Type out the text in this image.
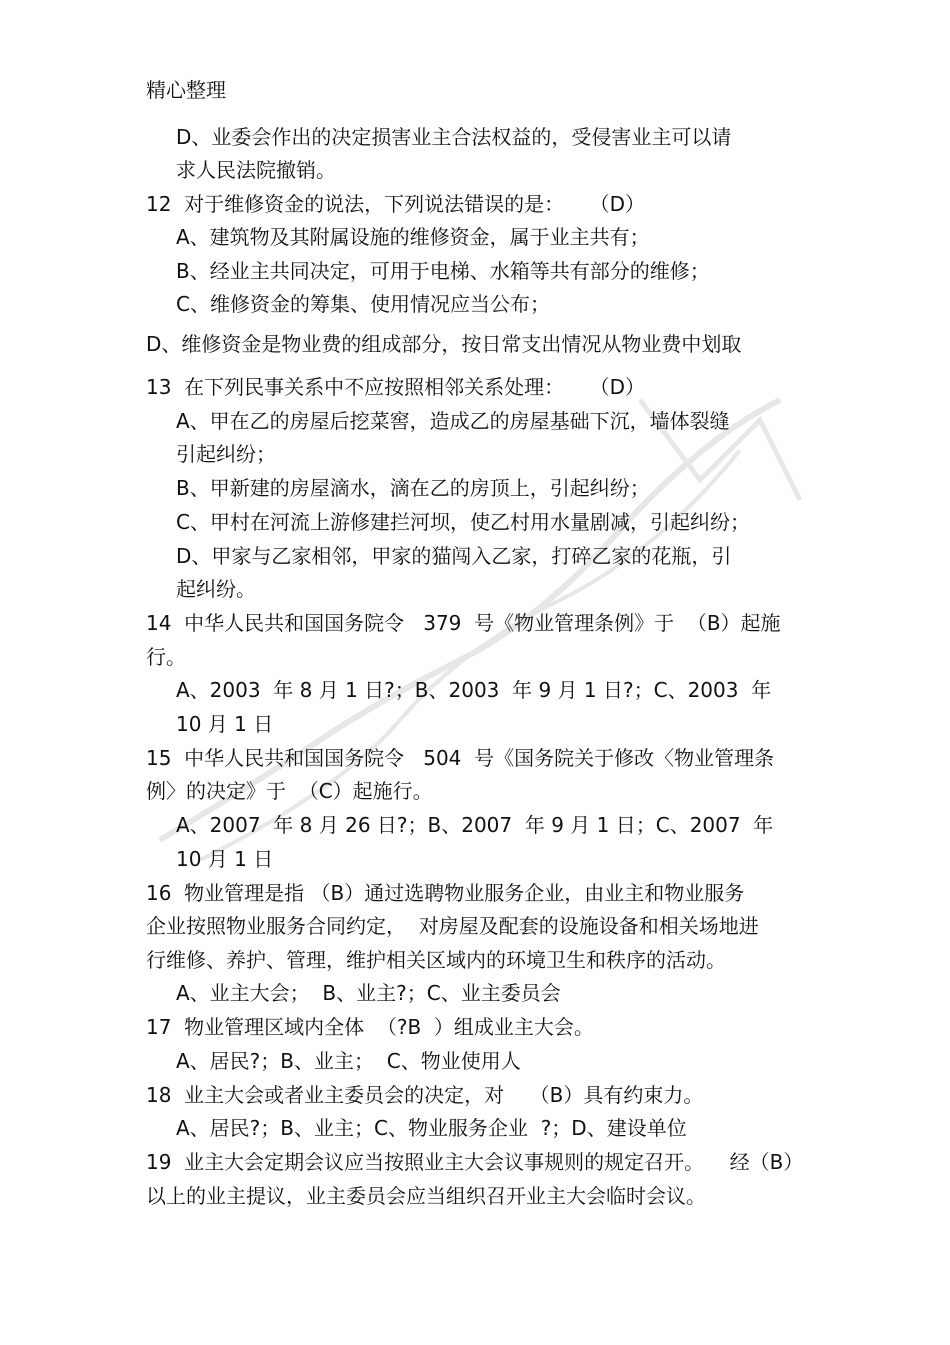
精心整理
D、业委会作出的决定损害业主合法权益的，受侵害业主可以请
求人民法院撤销。
12  对于维修资金的说法，下列说法错误的是：    （D）
A、建筑物及其附属设施的维修资金，属于业主共有；
B、经业主共同决定，可用于电梯、水箱等共有部分的维修；
C、维修资金的筹集、使用情况应当公布；
D、维修资金是物业费的组成部分，按日常支出情况从物业费中划取
13  在下列民事关系中不应按照相邻关系处理：    （D）
A、甲在乙的房屋后挖菜窖，造成乙的房屋基础下沉，墙体裂缝
引起纠纷；
B、甲新建的房屋滴水，滴在乙的房顶上，引起纠纷；
C、甲村在河流上游修建拦河坝，使乙村用水量剧减，引起纠纷；
D、甲家与乙家相邻，甲家的猫闯入乙家，打碎乙家的花瓶，引
起纠纷。
14  中华人民共和国国务院令   379  号《物业管理条例》于  （B）起施
行。
A、2003  年 8 月 1 日?；B、2003  年 9 月 1 日?；C、2003  年
10 月 1 日
15  中华人民共和国国务院令   504  号《国务院关于修改〈物业管理条
例〉的决定》于  （C）起施行。
A、2007  年 8 月 26 日?；B、2007  年 9 月 1 日；C、2007  年
10 月 1 日
16  物业管理是指 （B）通过选聘物业服务企业，由业主和物业服务
企业按照物业服务合同约定，  对房屋及配套的设施设备和相关场地进
行维修、养护、管理，维护相关区域内的环境卫生和秩序的活动。
A、业主大会；  B、业主?；C、业主委员会
17  物业管理区域内全体  （?B  ）组成业主大会。
A、居民?；B、业主；  C、物业使用人
18  业主大会或者业主委员会的决定，对    （B）具有约束力。
A、居民?；B、业主；C、物业服务企业  ?；D、建设单位
19  业主大会定期会议应当按照业主大会议事规则的规定召开。    经（B）
以上的业主提议，业主委员会应当组织召开业主大会临时会议。
